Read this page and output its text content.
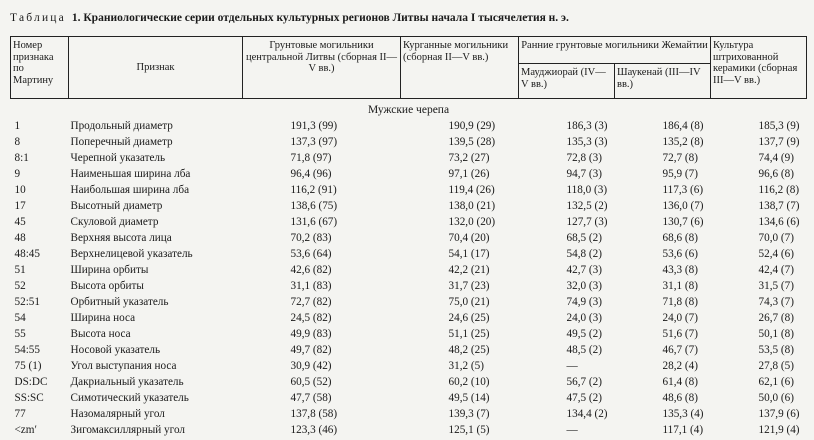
Таблица 1. Краниологические серии отдельных культурных регионов Литвы начала I тысячелетия н. э.
Номер признака по Мартину	Признак	Грунтовые могильники центральной Литвы (сборная II—V вв.)	Курганные могильники (сборная II—V вв.)	Ранние грунтовые могильники Жемайтии		Культура штрихованной керамики (сборная III—V вв.)
				Мауджиорай (IV—V вв.)	Шаукенай (III—IV вв.)	
Мужские черепа						
1	Продольный диаметр	191,3 (99)	190,9 (29)	186,3 (3)	186,4 (8)	185,3 (9)
8	Поперечный диаметр	137,3 (97)	139,5 (28)	135,3 (3)	135,2 (8)	137,7 (9)
8:1	Черепной указатель	71,8 (97)	73,2 (27)	72,8 (3)	72,7 (8)	74,4 (9)
9	Наименьшая ширина лба	96,4 (96)	97,1 (26)	94,7 (3)	95,9 (7)	96,6 (8)
10	Наибольшая ширина лба	116,2 (91)	119,4 (26)	118,0 (3)	117,3 (6)	116,2 (8)
17	Высотный диаметр	138,6 (75)	138,0 (21)	132,5 (2)	136,0 (7)	138,7 (7)
45	Скуловой диаметр	131,6 (67)	132,0 (20)	127,7 (3)	130,7 (6)	134,6 (6)
48	Верхняя высота лица	70,2 (83)	70,4 (20)	68,5 (2)	68,6 (8)	70,0 (7)
48:45	Верхнелицевой указатель	53,6 (64)	54,1 (17)	54,8 (2)	53,6 (6)	52,4 (6)
51	Ширина орбиты	42,6 (82)	42,2 (21)	42,7 (3)	43,3 (8)	42,4 (7)
52	Высота орбиты	31,1 (83)	31,7 (23)	32,0 (3)	31,1 (8)	31,5 (7)
52:51	Орбитный указатель	72,7 (82)	75,0 (21)	74,9 (3)	71,8 (8)	74,3 (7)
54	Ширина носа	24,5 (82)	24,6 (25)	24,0 (3)	24,0 (7)	26,7 (8)
55	Высота носа	49,9 (83)	51,1 (25)	49,5 (2)	51,6 (7)	50,1 (8)
54:55	Носовой указатель	49,7 (82)	48,2 (25)	48,5 (2)	46,7 (7)	53,5 (8)
75 (1)	Угол выступания носа	30,9 (42)	31,2 (5)	—	28,2 (4)	27,8 (5)
DS:DC	Дакриальный указатель	60,5 (52)	60,2 (10)	56,7 (2)	61,4 (8)	62,1 (6)
SS:SC	Симотический указатель	47,7 (58)	49,5 (14)	47,5 (2)	48,6 (8)	50,0 (6)
77	Назомалярный угол	137,8 (58)	139,3 (7)	134,4 (2)	135,3 (4)	137,9 (6)
<zm′	Зигомаксиллярный угол	123,3 (46)	125,1 (5)	—	117,1 (4)	121,9 (4)
